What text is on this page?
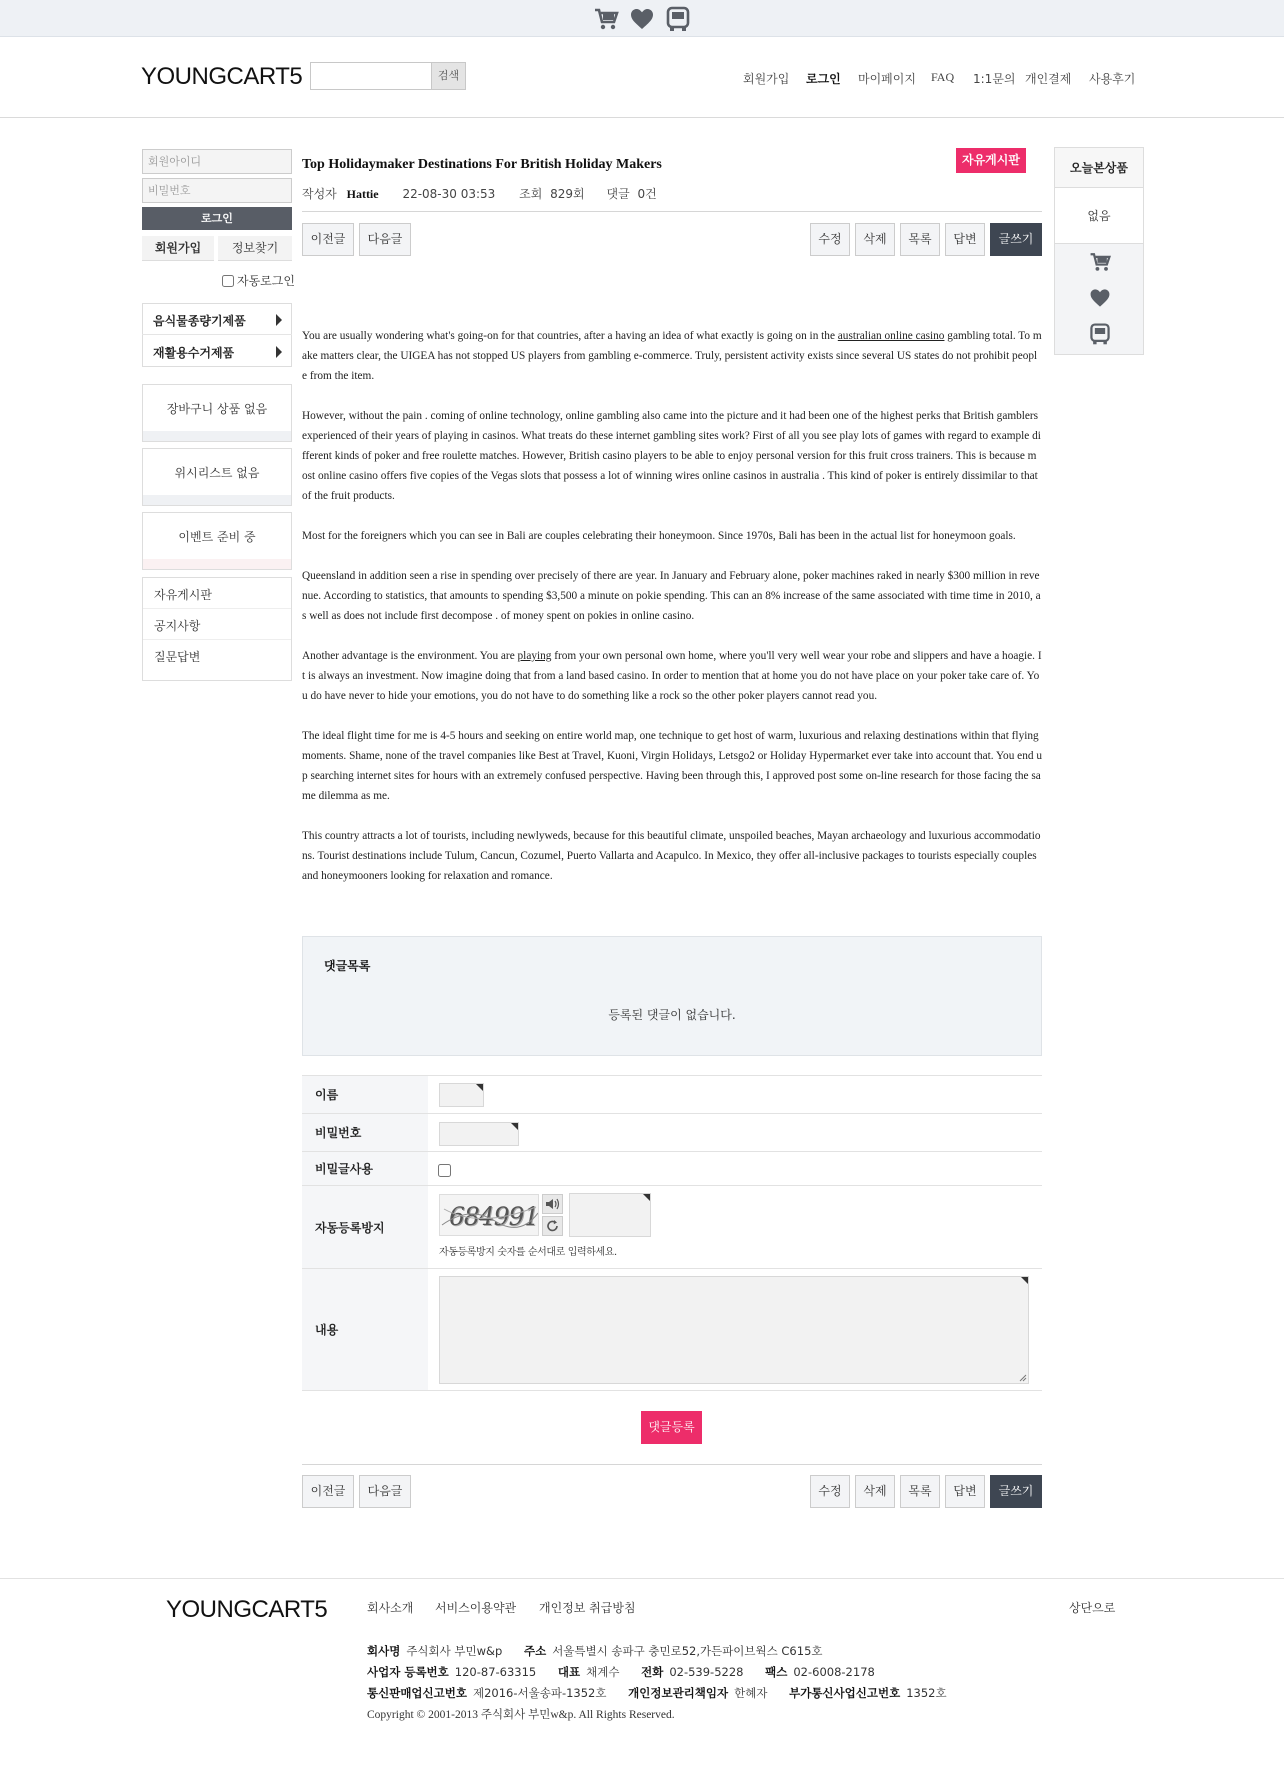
YOUNGCART5	검색	회원가입 로그인 마이페이지 FAQ 1:1문의 개인결제 사용후기
회원아이디
비밀번호
로그인
회원가입	정보찾기
자동로그인
음식물종량기제품
재활용수거제품
장바구니 상품 없음
위시리스트 없음
이벤트 준비 중
자유게시판
공지사항
질문답변
자유게시판
Top Holidaymaker Destinations For British Holiday Makers
작성자 Hattie 22-08-30 03:53 조회 829회 댓글 0건
이전글	다음글	수정	삭제	목록	답변	글쓰기

You are usually wondering what's going-on for that countries, after a having an idea of what exactly is going on in the australian online casino gambling total. To make matters clear, the UIGEA has not stopped US players from gambling e-commerce. Truly, persistent activity exists since several US states do not prohibit people from the item.

However, without the pain . coming of online technology, online gambling also came into the picture and it had been one of the highest perks that British gamblers experienced of their years of playing in casinos. What treats do these internet gambling sites work? First of all you see play lots of games with regard to example different kinds of poker and free roulette matches. However, British casino players to be able to enjoy personal version for this fruit cross trainers. This is because most online casino offers five copies of the Vegas slots that possess a lot of winning wires online casinos in australia . This kind of poker is entirely dissimilar to that of the fruit products.

Most for the foreigners which you can see in Bali are couples celebrating their honeymoon. Since 1970s, Bali has been in the actual list for honeymoon goals.

Queensland in addition seen a rise in spending over precisely of there are year. In January and February alone, poker machines raked in nearly $300 million in revenue. According to statistics, that amounts to spending $3,500 a minute on pokie spending. This can an 8% increase of the same associated with time time in 2010, as well as does not include first decompose . of money spent on pokies in online casino.

Another advantage is the environment. You are playing from your own personal own home, where you'll very well wear your robe and slippers and have a hoagie. It is always an investment. Now imagine doing that from a land based casino. In order to mention that at home you do not have place on your poker take care of. You do have never to hide your emotions, you do not have to do something like a rock so the other poker players cannot read you.

The ideal flight time for me is 4-5 hours and seeking on entire world map, one technique to get host of warm, luxurious and relaxing destinations within that flying moments. Shame, none of the travel companies like Best at Travel, Kuoni, Virgin Holidays, Letsgo2 or Holiday Hypermarket ever take into account that. You end up searching internet sites for hours with an extremely confused perspective. Having been through this, I approved post some on-line research for those facing the same dilemma as me.

This country attracts a lot of tourists, including newlyweds, because for this beautiful climate, unspoiled beaches, Mayan archaeology and luxurious accommodations. Tourist destinations include Tulum, Cancun, Cozumel, Puerto Vallarta and Acapulco. In Mexico, they offer all-inclusive packages to tourists especially couples and honeymooners looking for relaxation and romance.

댓글목록
등록된 댓글이 없습니다.
이름
비밀번호
비밀글사용
자동등록방지	684991
자동등록방지 숫자를 순서대로 입력하세요.
내용
댓글등록
이전글	다음글	수정	삭제	목록	답변	글쓰기
오늘본상품
없음
YOUNGCART5	회사소개 서비스이용약관 개인정보 취급방침	상단으로
회사명 주식회사 부민w&p 주소 서울특별시 송파구 충민로52,가든파이브웍스 C615호
사업자 등록번호 120-87-63315 대표 채계수 전화 02-539-5228 팩스 02-6008-2178
통신판매업신고번호 제2016-서울송파-1352호 개인정보관리책임자 한혜자 부가통신사업신고번호 1352호
Copyright © 2001-2013 주식회사 부민w&p. All Rights Reserved.
